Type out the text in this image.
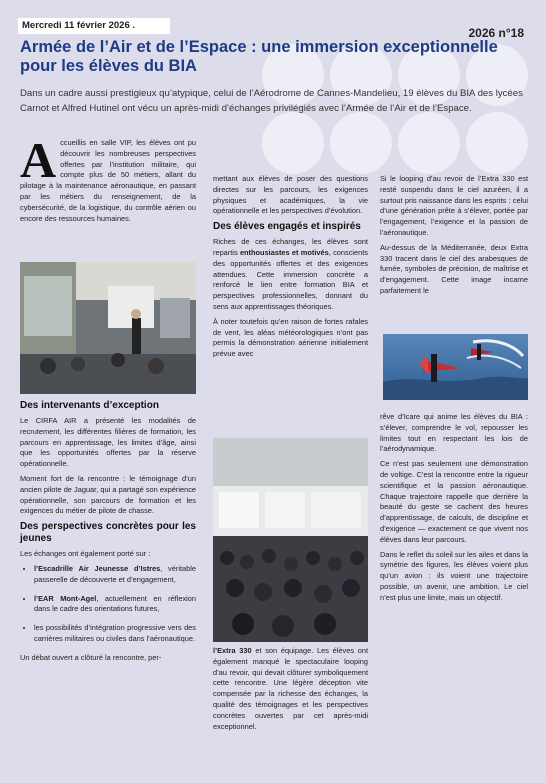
Mercredi 11 février 2026 .
2026 n°18
Armée de l’Air et de l’Espace : une immersion exceptionnelle pour les élèves du BIA
Dans un cadre aussi prestigieux qu’atypique, celui de l’Aérodrome de Cannes-Mandelieu, 19 élèves du BIA des lycées Carnot et Alfred Hutinel ont vécu un après-midi d’échanges privilégiés avec l’Armée de l’Air et de l’Espace.

Accueillis en salle VIP, les élèves ont pu découvrir les nombreuses perspectives offertes par l’institution militaire, qui compte plus de 50 métiers, allant du pilotage à la maintenance aéronautique, en passant par les métiers du renseignement, de la cybersécurité, de la logistique, du contrôle aérien ou encore des ressources humaines.

Des intervenants d’exception

Le CIRFA AIR a présenté les modalités de recrutement, les différentes filières de formation, les parcours en apprentissage, les limites d’âge, ainsi que les opportunités offertes par la réserve opérationnelle.

Moment fort de la rencontre : le témoignage d’un ancien pilote de Jaguar, qui a partagé son expérience opérationnelle, son parcours de formation et les exigences du métier de pilote de chasse.

Des perspectives concrètes pour les jeunes

Les échanges ont également porté sur :

• l’Escadrille Air Jeunesse d’Istres, véritable passerelle de découverte et d’engagement,
• l’EAR Mont-Agel, actuellement en réflexion dans le cadre des orientations futures,
• les possibilités d’intégration progressive vers des carrières militaires ou civiles dans l’aéronautique.

Un débat ouvert a clôturé la rencontre, per-

mettant aux élèves de poser des questions directes sur les parcours, les exigences physiques et académiques, la vie opérationnelle et les perspectives d’évolution.

Des élèves engagés et inspirés

Riches de ces échanges, les élèves sont repartis enthousiastes et motivés, conscients des opportunités offertes et des exigences attendues. Cette immersion concrète a renforcé le lien entre formation BIA et perspectives professionnelles, donnant du sens aux apprentissages théoriques.

À noter toutefois qu’en raison de fortes rafales de vent, les aléas météorologiques n’ont pas permis la démonstration aérienne initialement prévue avec

l’Extra 330 et son équipage. Les élèves ont également manqué le spectaculaire looping d’au revoir, qui devait clôturer symboliquement cette rencontre. Une légère déception vite compensée par la richesse des échanges, la qualité des témoignages et les perspectives concrètes ouvertes par cet après-midi exceptionnel.

Si le looping d’au revoir de l’Extra 330 est resté suspendu dans le ciel azuréen, il a surtout pris naissance dans les esprits : celui d’une génération prête à s’élever, portée par l’engagement, l’exigence et la passion de l’aéronautique.

Au-dessus de la Méditerranée, deux Extra 330 tracent dans le ciel des arabesques de fumée, symboles de précision, de maîtrise et d’engagement. Cette image incarne parfaitement le

rêve d’Icare qui anime les élèves du BIA : s’élever, comprendre le vol, repousser les limites tout en respectant les lois de l’aérodynamique.

Ce n’est pas seulement une démonstration de voltige. C’est la rencontre entre la rigueur scientifique et la passion aéronautique. Chaque trajectoire rappelle que derrière la beauté du geste se cachent des heures d’apprentissage, de calculs, de discipline et d’exigence — exactement ce que vivent nos élèves dans leur parcours.

Dans le reflet du soleil sur les ailes et dans la symétrie des figures, les élèves voient plus qu’un avion : ils voient une trajectoire possible, un avenir, une ambition. Le ciel n’est plus une limite, mais un objectif.
